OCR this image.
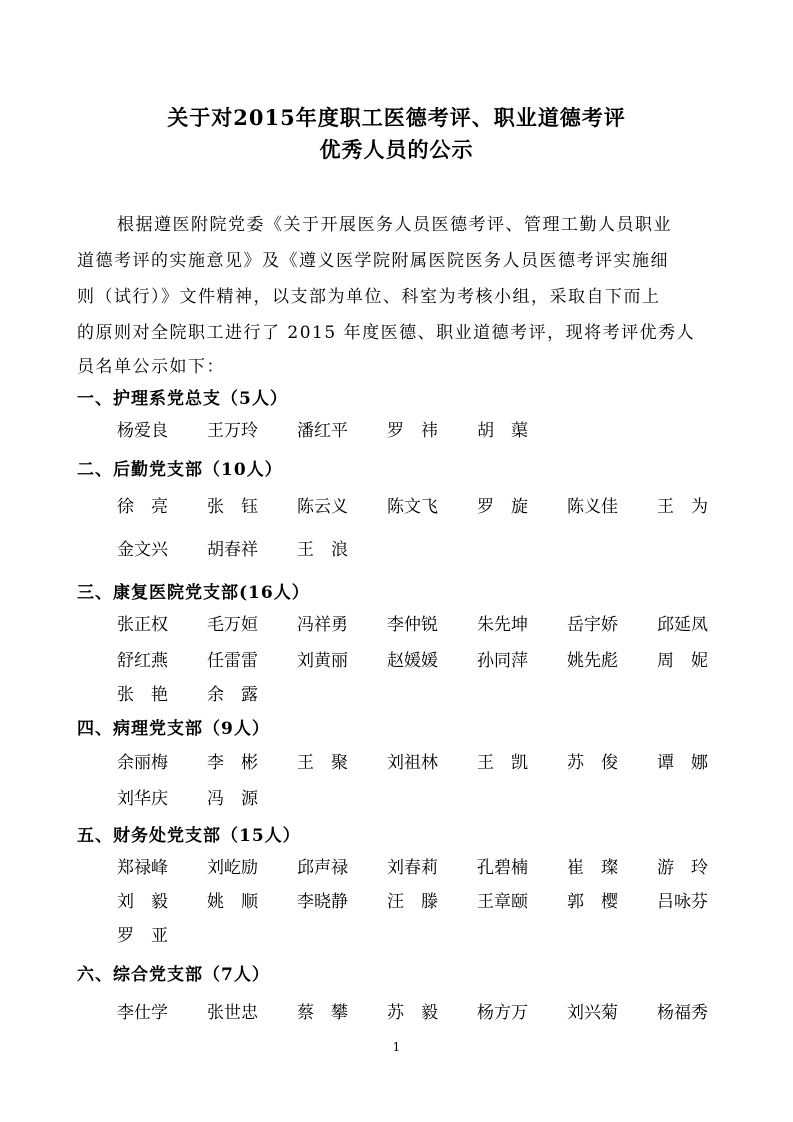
关于对2015年度职工医德考评、职业道德考评
优秀人员的公示
根据遵医附院党委《关于开展医务人员医德考评、管理工勤人员职业
道德考评的实施意见》及《遵义医学院附属医院医务人员医德考评实施细
则（试行）》文件精神，以支部为单位、科室为考核小组，采取自下而上
的原则对全院职工进行了 2015 年度医德、职业道德考评，现将考评优秀人
员名单公示如下：
一、护理系党总支（5人）
杨爱良 王万玲 潘红平 罗　祎 胡　蕖
二、后勤党支部（10人）
徐　亮 张　钰 陈云义 陈文飞 罗　旋 陈义佳 王　为
金文兴 胡春祥 王　浪
三、康复医院党支部(16人）
张正权 毛万姮 冯祥勇 李仲锐 朱先坤 岳宇娇 邱延凤
舒红燕 任雷雷 刘黄丽 赵媛媛 孙同萍 姚先彪 周　妮
张　艳 余　露
四、病理党支部（9人）
余丽梅 李　彬 王　聚 刘祖林 王　凯 苏　俊 谭　娜
刘华庆 冯　源
五、财务处党支部（15人）
郑禄峰 刘屹励 邱声禄 刘春莉 孔碧楠 崔　璨 游　玲
刘　毅 姚　顺 李晓静 汪　滕 王章颐 郭　樱 吕咏芬
罗　亚
六、综合党支部（7人）
李仕学 张世忠 蔡　攀 苏　毅 杨方万 刘兴菊 杨福秀
1
